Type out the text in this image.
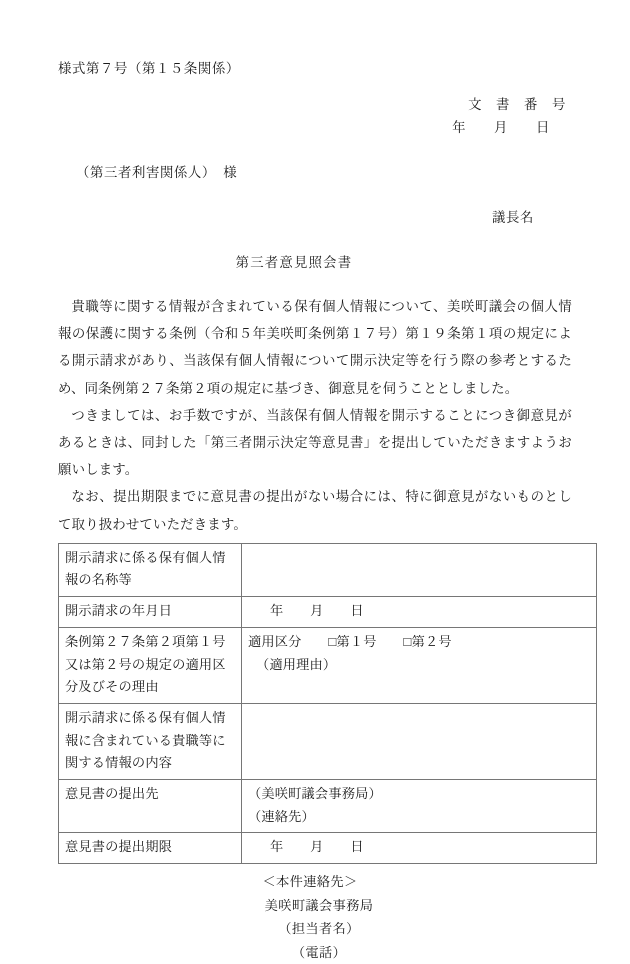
様式第７号（第１５条関係）
文　書　番　号
年　　月　　日
（第三者利害関係人）　様
議長名
第三者意見照会書

貴職等に関する情報が含まれている保有個人情報について、美咲町議会の個人情報の保護に関する条例（令和５年美咲町条例第１７号）第１９条第１項の規定による開示請求があり、当該保有個人情報について開示決定等を行う際の参考とするため、同条例第２７条第２項の規定に基づき、御意見を伺うこととしました。

つきましては、お手数ですが、当該保有個人情報を開示することにつき御意見があるときは、同封した「第三者開示決定等意見書」を提出していただきますようお願いします。

なお、提出期限までに意見書の提出がない場合には、特に御意見がないものとして取り扱わせていただきます。

開示請求に係る保有個人情報の名称等	
開示請求の年月日	年　　月　　日
条例第２７条第２項第１号又は第２号の規定の適用区分及びその理由	適用区分　　□第１号　　□第２号
（適用理由）

開示請求に係る保有個人情報に含まれている貴職等に関する情報の内容	
意見書の提出先	（美咲町議会事務局）
（連絡先）

意見書の提出期限	年　　月　　日
＜本件連絡先＞
美咲町議会事務局
（担当者名）
（電話）
